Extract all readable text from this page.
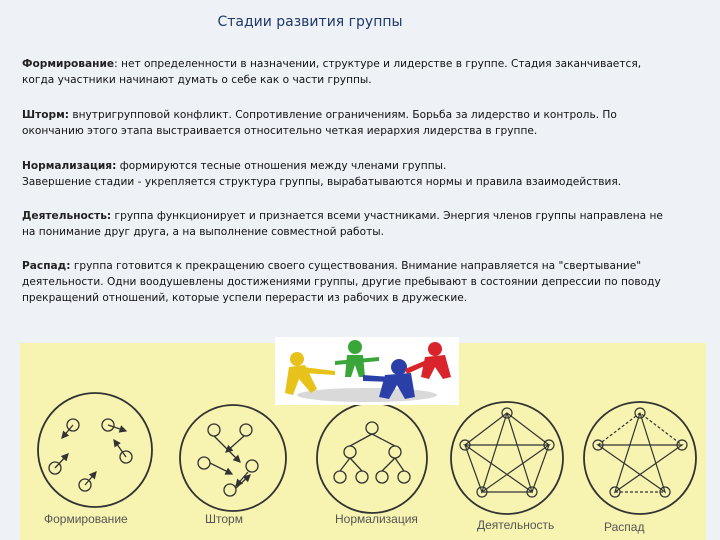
Стадии развития группы

Формирование: нет определенности в назначении, структуре и лидерстве в группе. Стадия заканчивается,
когда участники начинают думать о себе как о части группы.

Шторм: внутригрупповой конфликт. Сопротивление ограничениям. Борьба за лидерство и контроль. По
окончанию этого этапа выстраивается относительно четкая иерархия лидерства в группе.

Нормализация: формируются тесные отношения между членами группы.
Завершение стадии - укрепляется структура группы, вырабатываются нормы и правила взаимодействия.

Деятельность: группа функционирует и признается всеми участниками. Энергия членов группы направлена не
на понимание друг друга, а на выполнение совместной работы.

Распад: группа готовится к прекращению своего существования. Внимание направляется на "свертывание"
деятельности. Одни воодушевлены достижениями группы, другие пребывают в состоянии депрессии по поводу
прекращений отношений, которые успели перерасти из рабочих в дружеские.

Формирование	Шторм	Нормализация	Деятельность	Распад
